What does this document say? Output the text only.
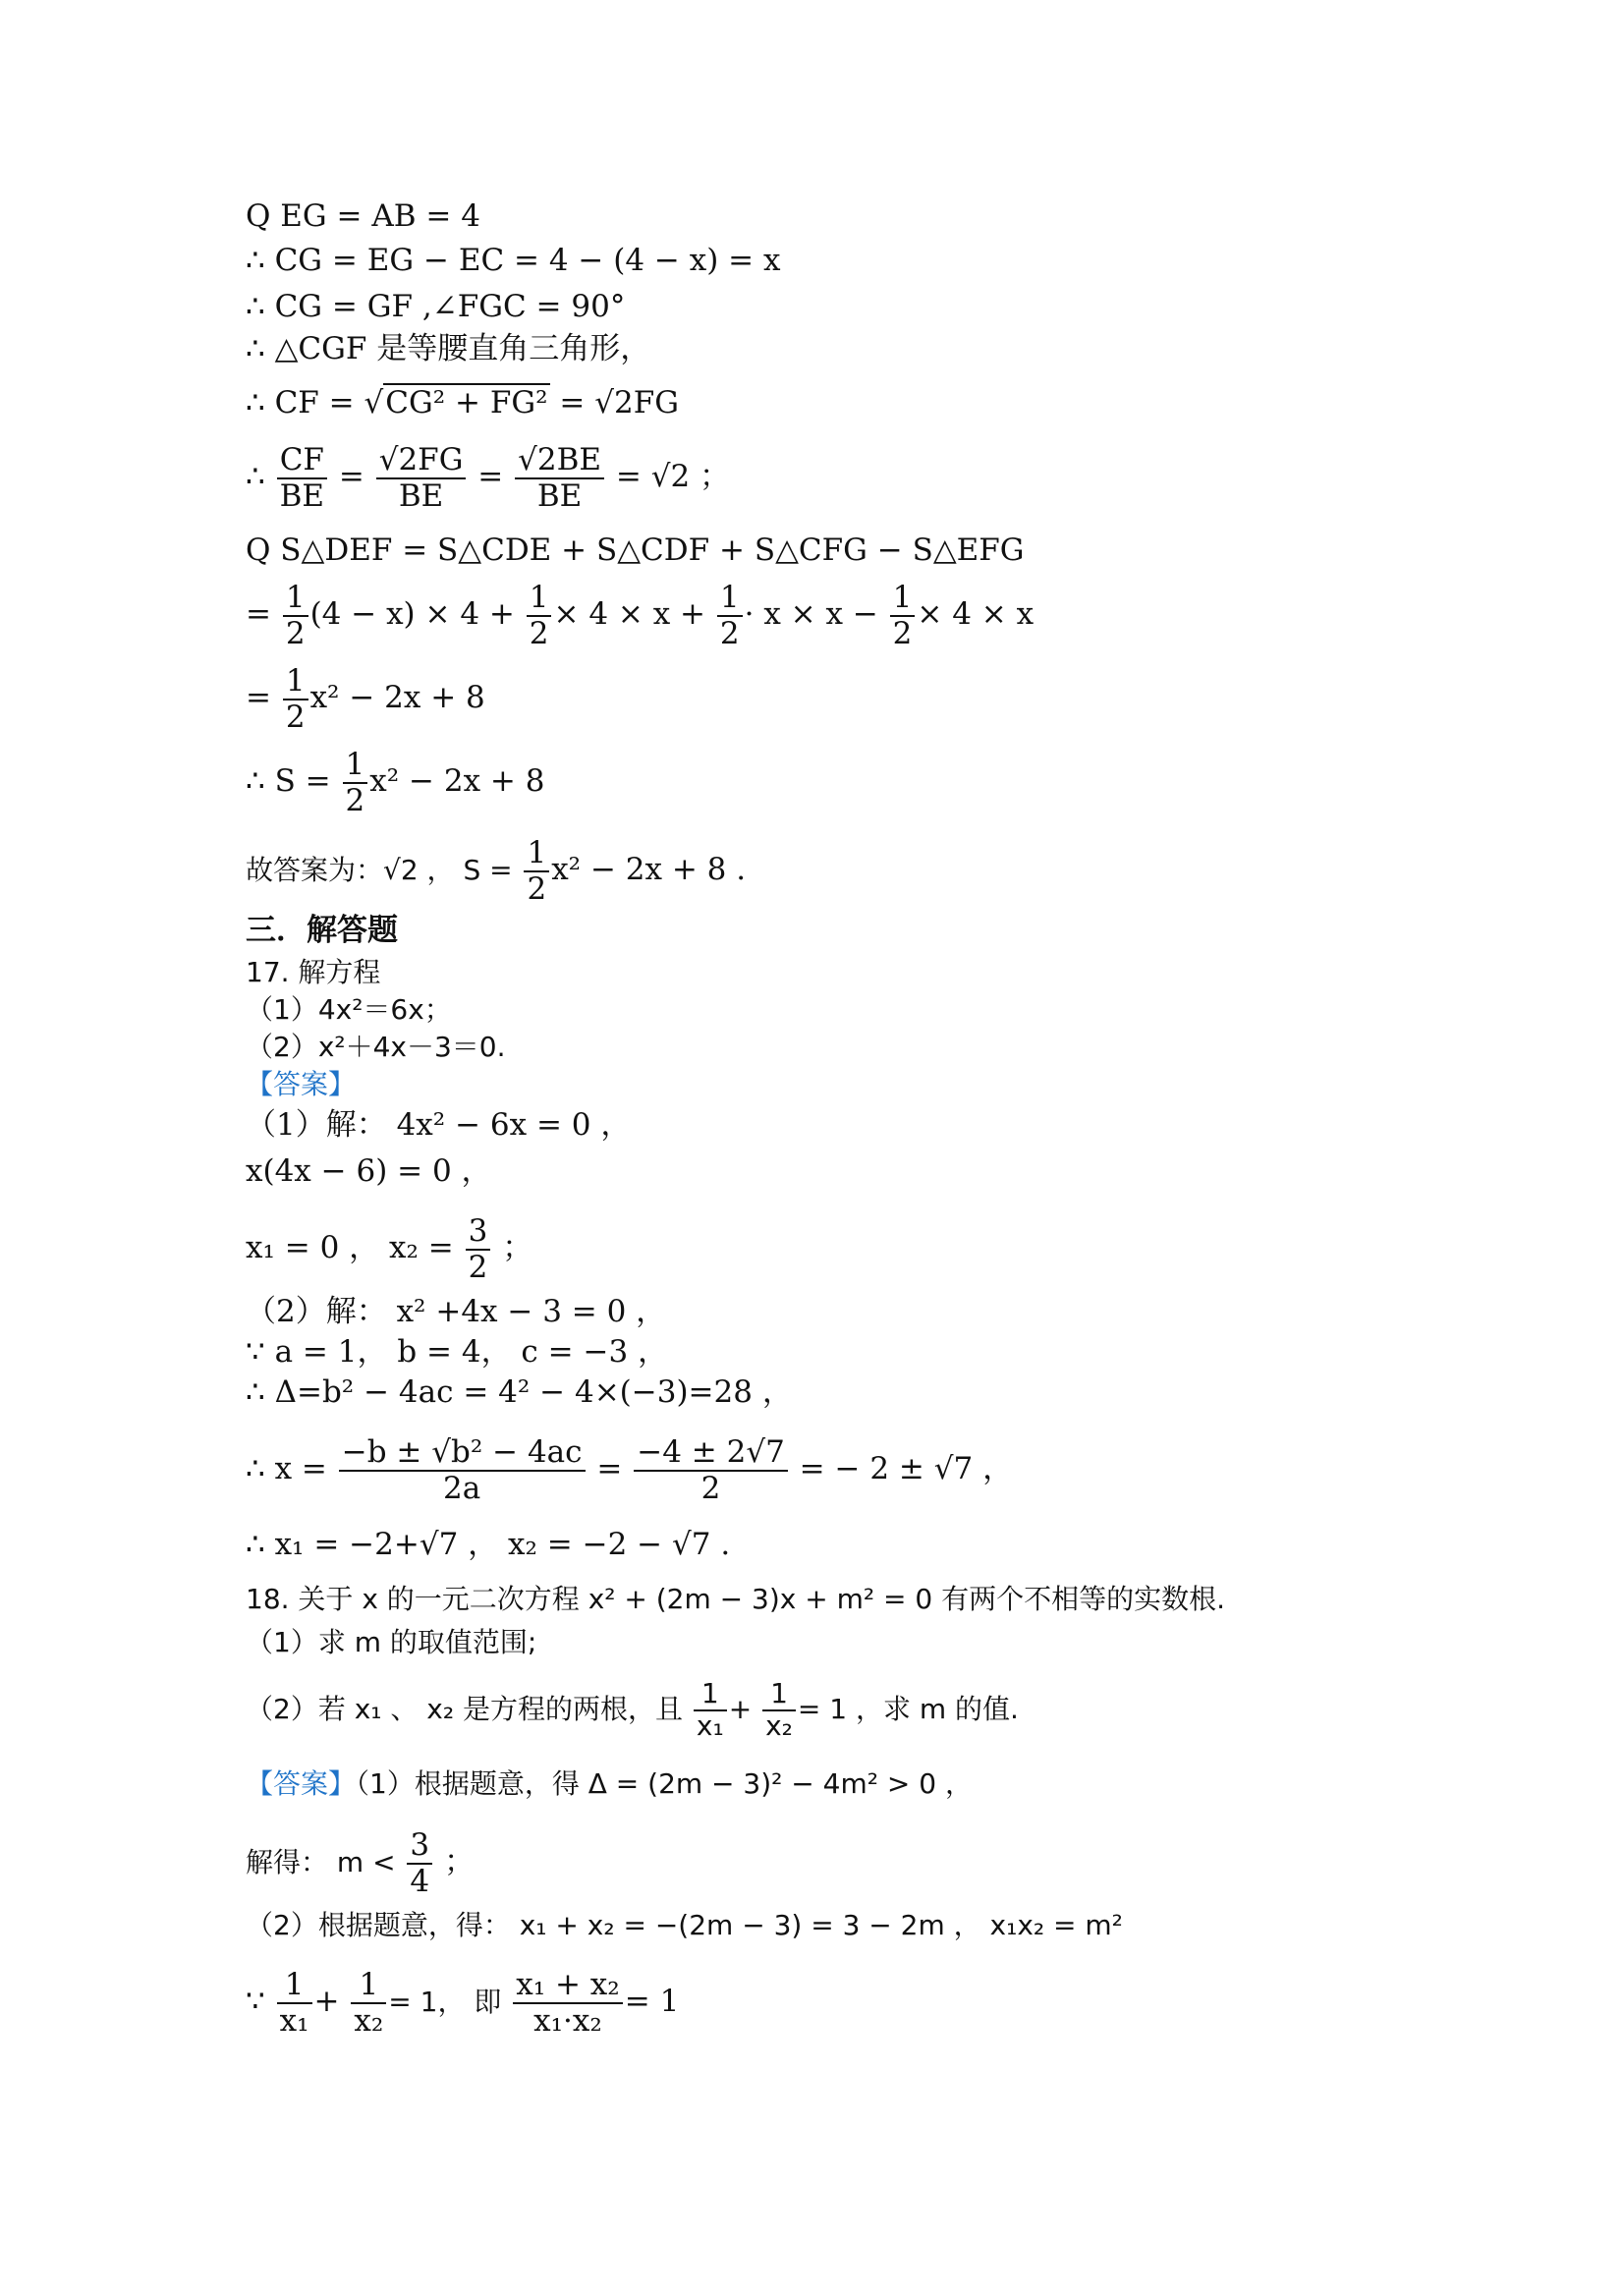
Q EG = AB = 4
∴ CG = EG − EC = 4 − (4 − x) = x
∴ CG = GF ,∠FGC = 90°
∴ △CGF 是等腰直角三角形，
∴ CF = √CG² + FG² = √2FG
∴ $\frac{CF}{BE} = \frac{√2FG}{BE} = \frac{√2BE}{BE} = √2$ ；
Q S△DEF = S△CDE + S△CDF + S△CFG − S△EFG
= $\frac{1}{2} (4 - x) \times 4 + \frac{1}{2} \times 4 \times x + \frac{1}{2} \cdot x \times x - \frac{1}{2} \times 4 \times x$
= $\frac{1}{2} x^2 - 2x + 8$
∴ $S = \frac{1}{2} x^2 - 2x + 8$
故答案为：√2 ， $S = \frac{1}{2} x^2 - 2x + 8$ .
三．解答题
17. 解方程
（1）4x²＝6x；
（2）x²＋4x－3＝0.
【答案】
（1）解： 4x² − 6x = 0 ，
x(4x − 6) = 0 ，
x₁ = 0 ， $x_2 = \frac{3}{2}$ ；
（2）解： x² +4x − 3 = 0 ，
∵ a = 1， b = 4， c = −3 ，
∴ Δ=b² − 4ac = 4² − 4×(−3)=28 ，
∴ $x = \frac{\text{−b ± √b² − 4ac}}{2a} = \frac{-4 \pm 2√7}{2}$ = − 2 ± √7 ，
∴ x₁ = −2+√7 ， x₂ = −2 − √7 .
18. 关于 x 的一元二次方程 x² + (2m − 3)x + m² = 0 有两个不相等的实数根.
（1）求 m 的取值范围;
（2）若 x₁ 、 x₂ 是方程的两根，且 $\frac{1}{\text{x₁}} + \frac{1}{\text{x₂}} = 1$ ，求 m 的值.
【答案】（1）根据题意，得 Δ = (2m − 3)² − 4m² > 0 ，
解得： $m < \frac{3}{4}$ ；
（2）根据题意，得： x₁ + x₂ = −(2m − 3) = 3 − 2m ， x₁x₂ = m²
∵ $\frac{1}{\text{x₁}} + \frac{1}{\text{x₂}} = 1$， 即 $\frac{\text{x₁ + x₂}}{\text{x₁·x₂}} = 1$
